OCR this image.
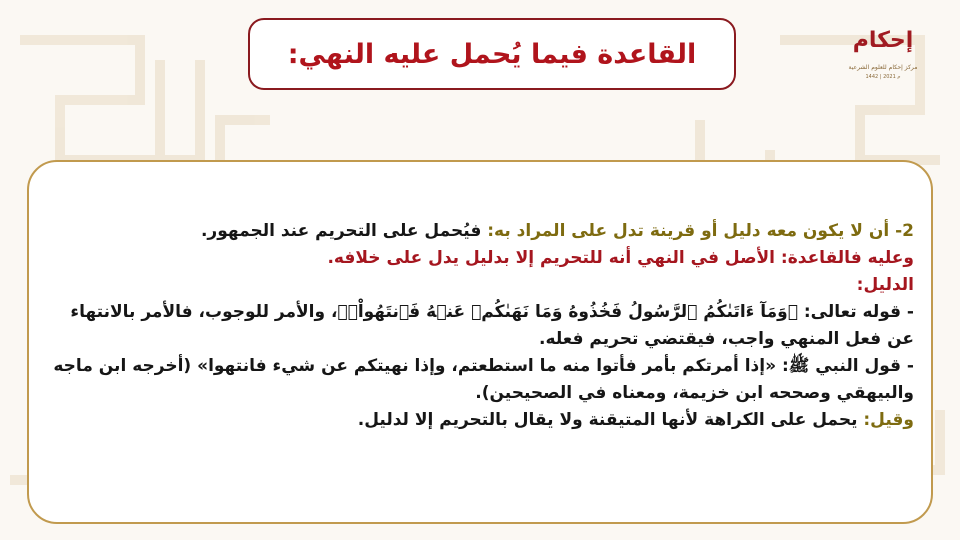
القاعدة فيما يُحمل عليه النهي:	إحكام
مركز إحكام للعلوم الشرعية
1442 | 2021 م

2- أن لا يكون معه دليل أو قرينة تدل على المراد به: فيُحمل على التحريم عند الجمهور.

وعليه فالقاعدة: الأصل في النهي أنه للتحريم إلا بدليل يدل على خلافه.

الدليل:

- قوله تعالى: ﴿وَمَآ ءَاتَىٰكُمُ ٱلرَّسُولُ فَخُذُوهُ وَمَا نَهَىٰكُمۡ عَنۡهُ فَٱنتَهُواْۚ﴾، والأمر للوجوب، فالأمر بالانتهاء عن فعل المنهي واجب، فيقتضي تحريم فعله.

- قول النبي ﷺ: «إذا أمرتكم بأمر فأتوا منه ما استطعتم، وإذا نهيتكم عن شيء فانتهوا» (أخرجه ابن ماجه والبيهقي وصححه ابن خزيمة، ومعناه في الصحيحين).

وقيل: يحمل على الكراهة لأنها المتيقنة ولا يقال بالتحريم إلا لدليل.
